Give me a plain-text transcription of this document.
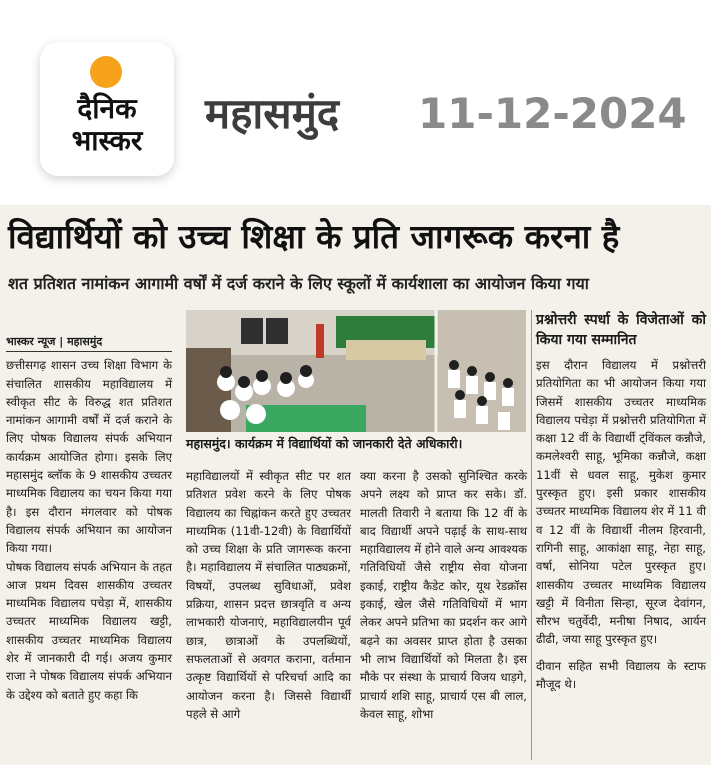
दैनिक
भास्कर
महासमुंद 11-12-2024
विद्यार्थियों को उच्च शिक्षा के प्रति जागरूक करना है
शत प्रतिशत नामांकन आगामी वर्षों में दर्ज कराने के लिए स्कूलों में कार्यशाला का आयोजन किया गया
भास्कर न्यूज | महासमुंद

छत्तीसगढ़ शासन उच्च शिक्षा विभाग के संचालित शासकीय महाविद्यालय में स्वीकृत सीट के विरुद्ध शत प्रतिशत नामांकन आगामी वर्षों में दर्ज कराने के लिए पोषक विद्यालय संपर्क अभियान कार्यक्रम आयोजित होगा। इसके लिए महासमुंद ब्लॉक के 9 शासकीय उच्चतर माध्यमिक विद्यालय का चयन किया गया है। इस दौरान मंगलवार को पोषक विद्यालय संपर्क अभियान का आयोजन किया गया।

पोषक विद्यालय संपर्क अभियान के तहत आज प्रथम दिवस शासकीय उच्चतर माध्यमिक विद्यालय पचेड़ा में, शासकीय उच्चतर माध्यमिक विद्यालय खट्टी, शासकीय उच्चतर माध्यमिक विद्यालय शेर में जानकारी दी गई। अजय कुमार राजा ने पोषक विद्यालय संपर्क अभियान के उद्देश्य को बताते हुए कहा कि

महासमुंद। कार्यक्रम में विद्यार्थियों को जानकारी देते अधिकारी।

महाविद्यालयों में स्वीकृत सीट पर शत प्रतिशत प्रवेश करने के लिए पोषक विद्यालय का चिह्नांकन करते हुए उच्चतर माध्यमिक (11वी-12वी) के विद्यार्थियों को उच्च शिक्षा के प्रति जागरूक करना है। महाविद्यालय में संचालित पाठ्यक्रमों, विषयों, उपलब्ध सुविधाओं, प्रवेश प्रक्रिया, शासन प्रदत्त छात्रवृति व अन्य लाभकारी योजनाएं, महाविद्यालयीन पूर्व छात्र, छात्राओं के उपलब्धियों, सफलताओं से अवगत कराना, वर्तमान उत्कृष्ट विद्यार्थियों से परिचर्चा आदि का आयोजन करना है। जिससे विद्यार्थी पहले से आगे

क्या करना है उसको सुनिश्चित करके अपने लक्ष्य को प्राप्त कर सके। डॉ. मालती तिवारी ने बताया कि 12 वीं के बाद विद्यार्थी अपने पढ़ाई के साथ-साथ महाविद्यालय में होने वाले अन्य आवश्यक गतिविधियों जैसे राष्ट्रीय सेवा योजना इकाई, राष्ट्रीय कैडेट कोर, यूथ रेडक्रॉस इकाई, खेल जैसे गतिविधियों में भाग लेकर अपने प्रतिभा का प्रदर्शन कर आगे बढ़ने का अवसर प्राप्त होता है उसका भी लाभ विद्यार्थियों को मिलता है। इस मौके पर संस्था के प्राचार्य विजय धाड़गे, प्राचार्य शशि साहू, प्राचार्य एस बी लाल, केवल साहू, शोभा

प्रश्नोत्तरी स्पर्धा के विजेताओं को किया गया सम्मानित

इस दौरान विद्यालय में प्रश्नोत्तरी प्रतियोगिता का भी आयोजन किया गया जिसमें शासकीय उच्चतर माध्यमिक विद्यालय पचेड़ा में प्रश्नोत्तरी प्रतियोगिता में कक्षा 12 वीं के विद्यार्थी ट्विंकल कन्नौजे, कमलेश्वरी साहू, भूमिका कन्नौजे, कक्षा 11वीं से धवल साहू, मुकेश कुमार पुरस्कृत हुए। इसी प्रकार शासकीय उच्चतर माध्यमिक विद्यालय शेर में 11 वी व 12 वीं के विद्यार्थी नीलम हिरवानी, रागिनी साहू, आकांक्षा साहू, नेहा साहू, वर्षा, सोनिया पटेल पुरस्कृत हुए। शासकीय उच्चतर माध्यमिक विद्यालय खट्टी में विनीता सिन्हा, सूरज देवांगन, सौरभ चतुर्वेदी, मनीषा निषाद, आर्यन ढीढी, जया साहू पुरस्कृत हुए।

दीवान सहित सभी विद्यालय के स्टाफ मौजूद थे।
